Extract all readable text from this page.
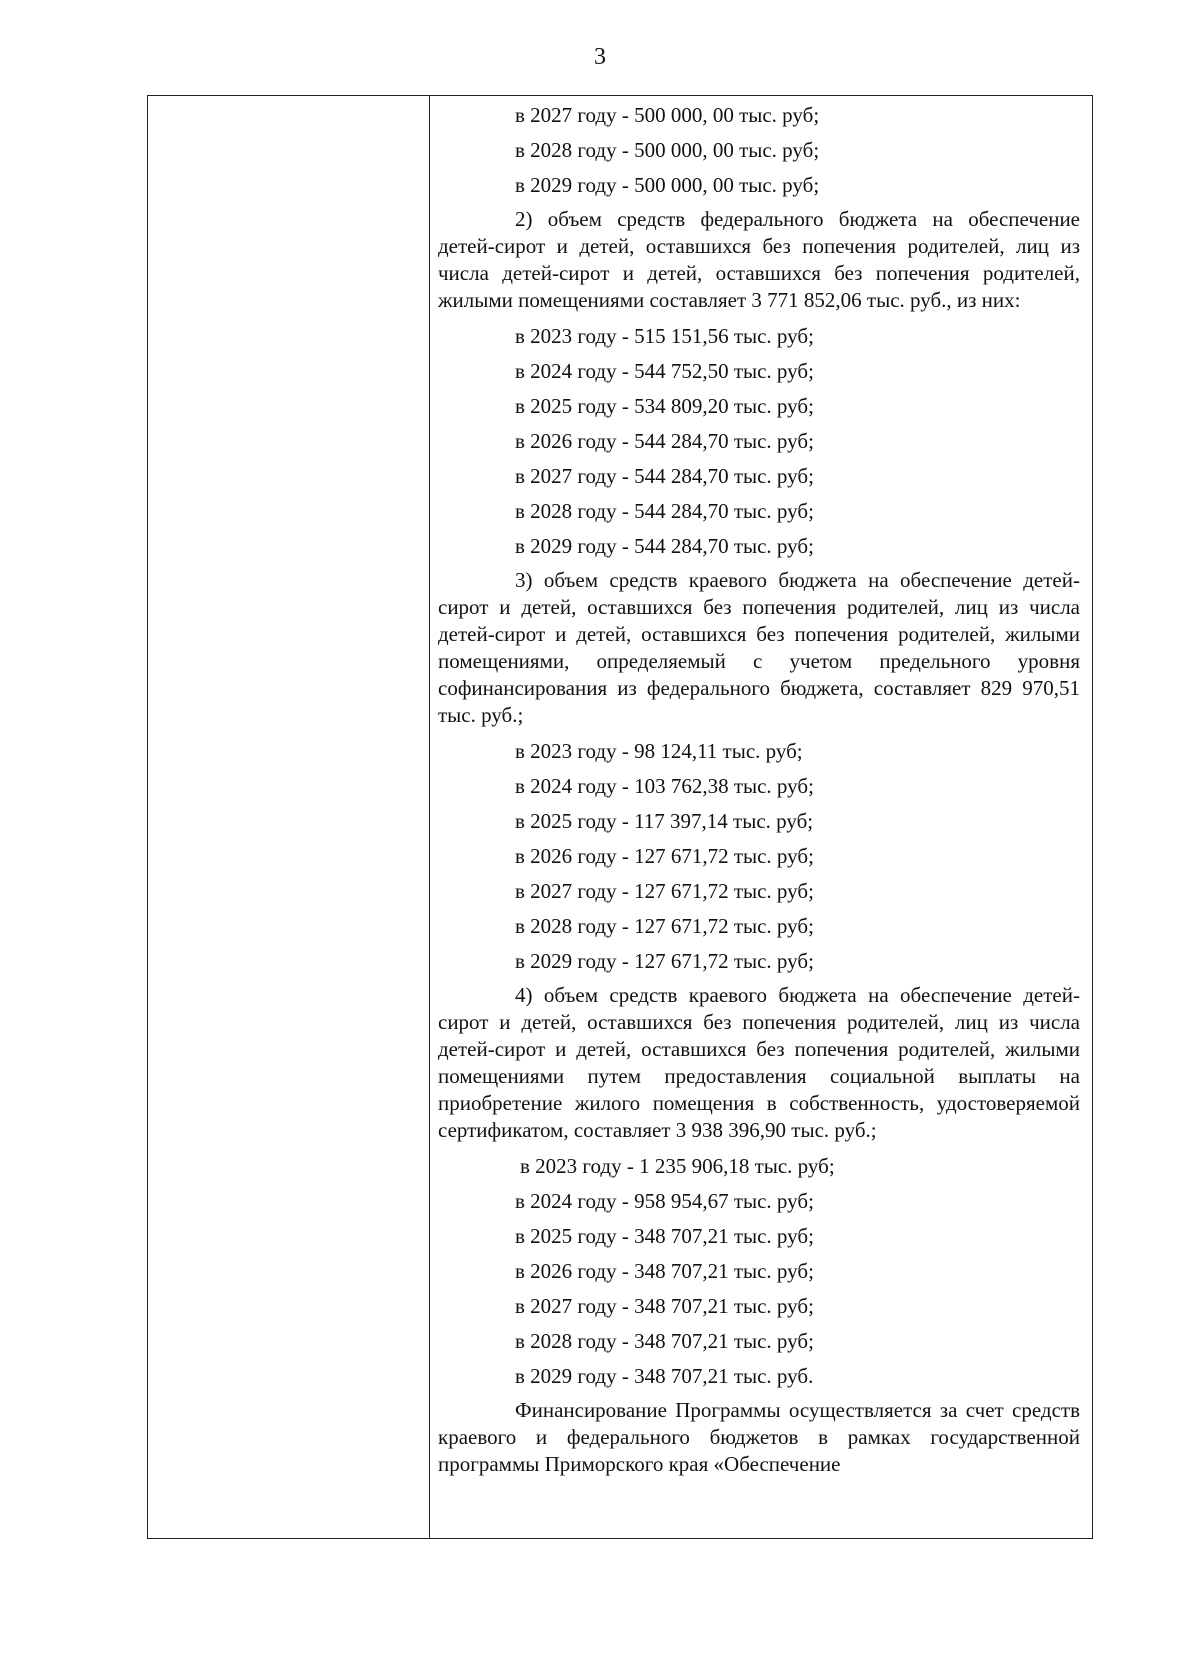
3

в 2027 году - 500 000, 00 тыс. руб;

в 2028 году - 500 000, 00 тыс. руб;

в 2029 году - 500 000, 00 тыс. руб;

2) объем средств федерального бюджета на обеспечение детей-сирот и детей, оставшихся без попечения родителей, лиц из числа детей-сирот и детей, оставшихся без попечения родителей, жилыми помещениями составляет 3 771 852,06 тыс. руб., из них:

в 2023 году - 515 151,56 тыс. руб;

в 2024 году - 544 752,50 тыс. руб;

в 2025 году - 534 809,20 тыс. руб;

в 2026 году - 544 284,70 тыс. руб;

в 2027 году - 544 284,70 тыс. руб;

в 2028 году - 544 284,70 тыс. руб;

в 2029 году - 544 284,70 тыс. руб;

3) объем средств краевого бюджета на обеспечение детей-сирот и детей, оставшихся без попечения родителей, лиц из числа детей-сирот и детей, оставшихся без попечения родителей, жилыми помещениями, определяемый с учетом предельного уровня софинансирования из федерального бюджета, составляет 829 970,51 тыс. руб.;

в 2023 году - 98 124,11 тыс. руб;

в 2024 году - 103 762,38 тыс. руб;

в 2025 году - 117 397,14 тыс. руб;

в 2026 году - 127 671,72 тыс. руб;

в 2027 году - 127 671,72 тыс. руб;

в 2028 году - 127 671,72 тыс. руб;

в 2029 году - 127 671,72 тыс. руб;

4) объем средств краевого бюджета на обеспечение детей-сирот и детей, оставшихся без попечения родителей, лиц из числа детей-сирот и детей, оставшихся без попечения родителей, жилыми помещениями путем предоставления социальной выплаты на приобретение жилого помещения в собственность, удостоверяемой сертификатом, составляет 3 938 396,90 тыс. руб.;

в 2023 году - 1 235 906,18 тыс. руб;

в 2024 году - 958 954,67 тыс. руб;

в 2025 году - 348 707,21 тыс. руб;

в 2026 году - 348 707,21 тыс. руб;

в 2027 году - 348 707,21 тыс. руб;

в 2028 году - 348 707,21 тыс. руб;

в 2029 году - 348 707,21 тыс. руб.

Финансирование Программы осуществляется за счет средств краевого и федерального бюджетов в рамках государственной программы Приморского края «Обеспечение
